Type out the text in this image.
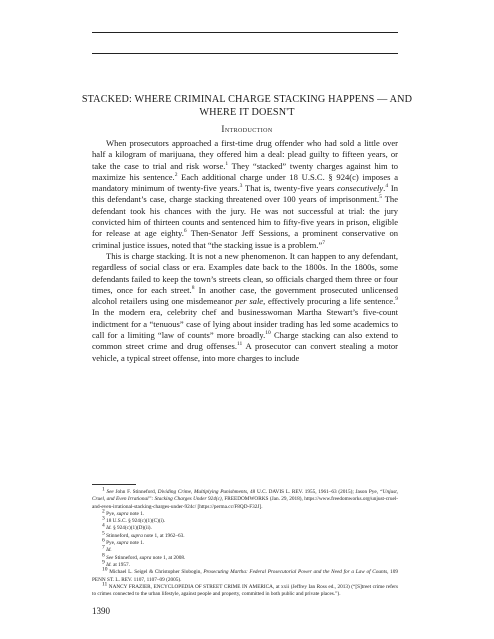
STACKED: WHERE CRIMINAL CHARGE STACKING HAPPENS — AND WHERE IT DOESN'T
Introduction

When prosecutors approached a first-time drug offender who had sold a little over half a kilogram of marijuana, they offered him a deal: plead guilty to fifteen years, or take the case to trial and risk worse.$^1$ They “stacked” twenty charges against him to maximize his sentence.$^2$ Each additional charge under 18 U.S.C. § 924(c) imposes a mandatory minimum of twenty-five years.$^3$ That is, twenty-five years consecutively.$^4$ In this defendant’s case, charge stacking threatened over 100 years of imprisonment.$^5$ The defendant took his chances with the jury. He was not successful at trial: the jury convicted him of thirteen counts and sentenced him to fifty-five years in prison, eligible for release at age eighty.$^6$ Then-Senator Jeff Sessions, a prominent conservative on criminal justice issues, noted that “the stacking issue is a problem.”$^7$

This is charge stacking. It is not a new phenomenon. It can happen to any defendant, regardless of social class or era. Examples date back to the 1800s. In the 1800s, some defendants failed to keep the town’s streets clean, so officials charged them three or four times, once for each street.$^8$ In another case, the government prosecuted unlicensed alcohol retailers using one misdemeanor per sale, effectively procuring a life sentence.$^9$ In the modern era, celebrity chef and businesswoman Martha Stewart’s five-count indictment for a “tenuous” case of lying about insider trading has led some academics to call for a limiting “law of counts” more broadly.$^{10}$ Charge stacking can also extend to common street crime and drug offenses.$^{11}$ A prosecutor can convert stealing a motor vehicle, a typical street offense, into more charges to include

$^1$ See John F. Stinneford, Dividing Crime, Multiplying Punishments, 48 U.C. DAVIS L. REV. 1955, 1961–63 (2015); Jason Pye, “Unjust, Cruel, and Even Irrational”: Stacking Charges Under 924(c), FREEDOMWORKS (Jan. 29, 2018), https://www.freedomworks.org/unjust-cruel-and-even-irrational-stacking-charges-under-924c/ [https://perma.cc/F8QD-F32J].

$^2$ Pye, supra note 1.

$^3$ 18 U.S.C. § 924(c)(1)(C)(i).

$^4$ Id. § 924(c)(1)(D)(ii).

$^5$ Stinneford, supra note 1, at 1962–63.

$^6$ Pye, supra note 1.

$^7$ Id.

$^8$ See Stinneford, supra note 1, at 2008.

$^9$ Id. at 1957.

$^{10}$ Michael L. Seigel & Christopher Slobogin, Prosecuting Martha: Federal Prosecutorial Power and the Need for a Law of Counts, 109 PENN ST. L. REV. 1107, 1107–09 (2005).

$^{11}$ NANCY FRAZIER, ENCYCLOPEDIA OF STREET CRIME IN AMERICA, at xxii (Jeffrey Ian Ross ed., 2013) (“[S]treet crime refers to crimes connected to the urban lifestyle, against people and property, committed in both public and private places.”).

1390
